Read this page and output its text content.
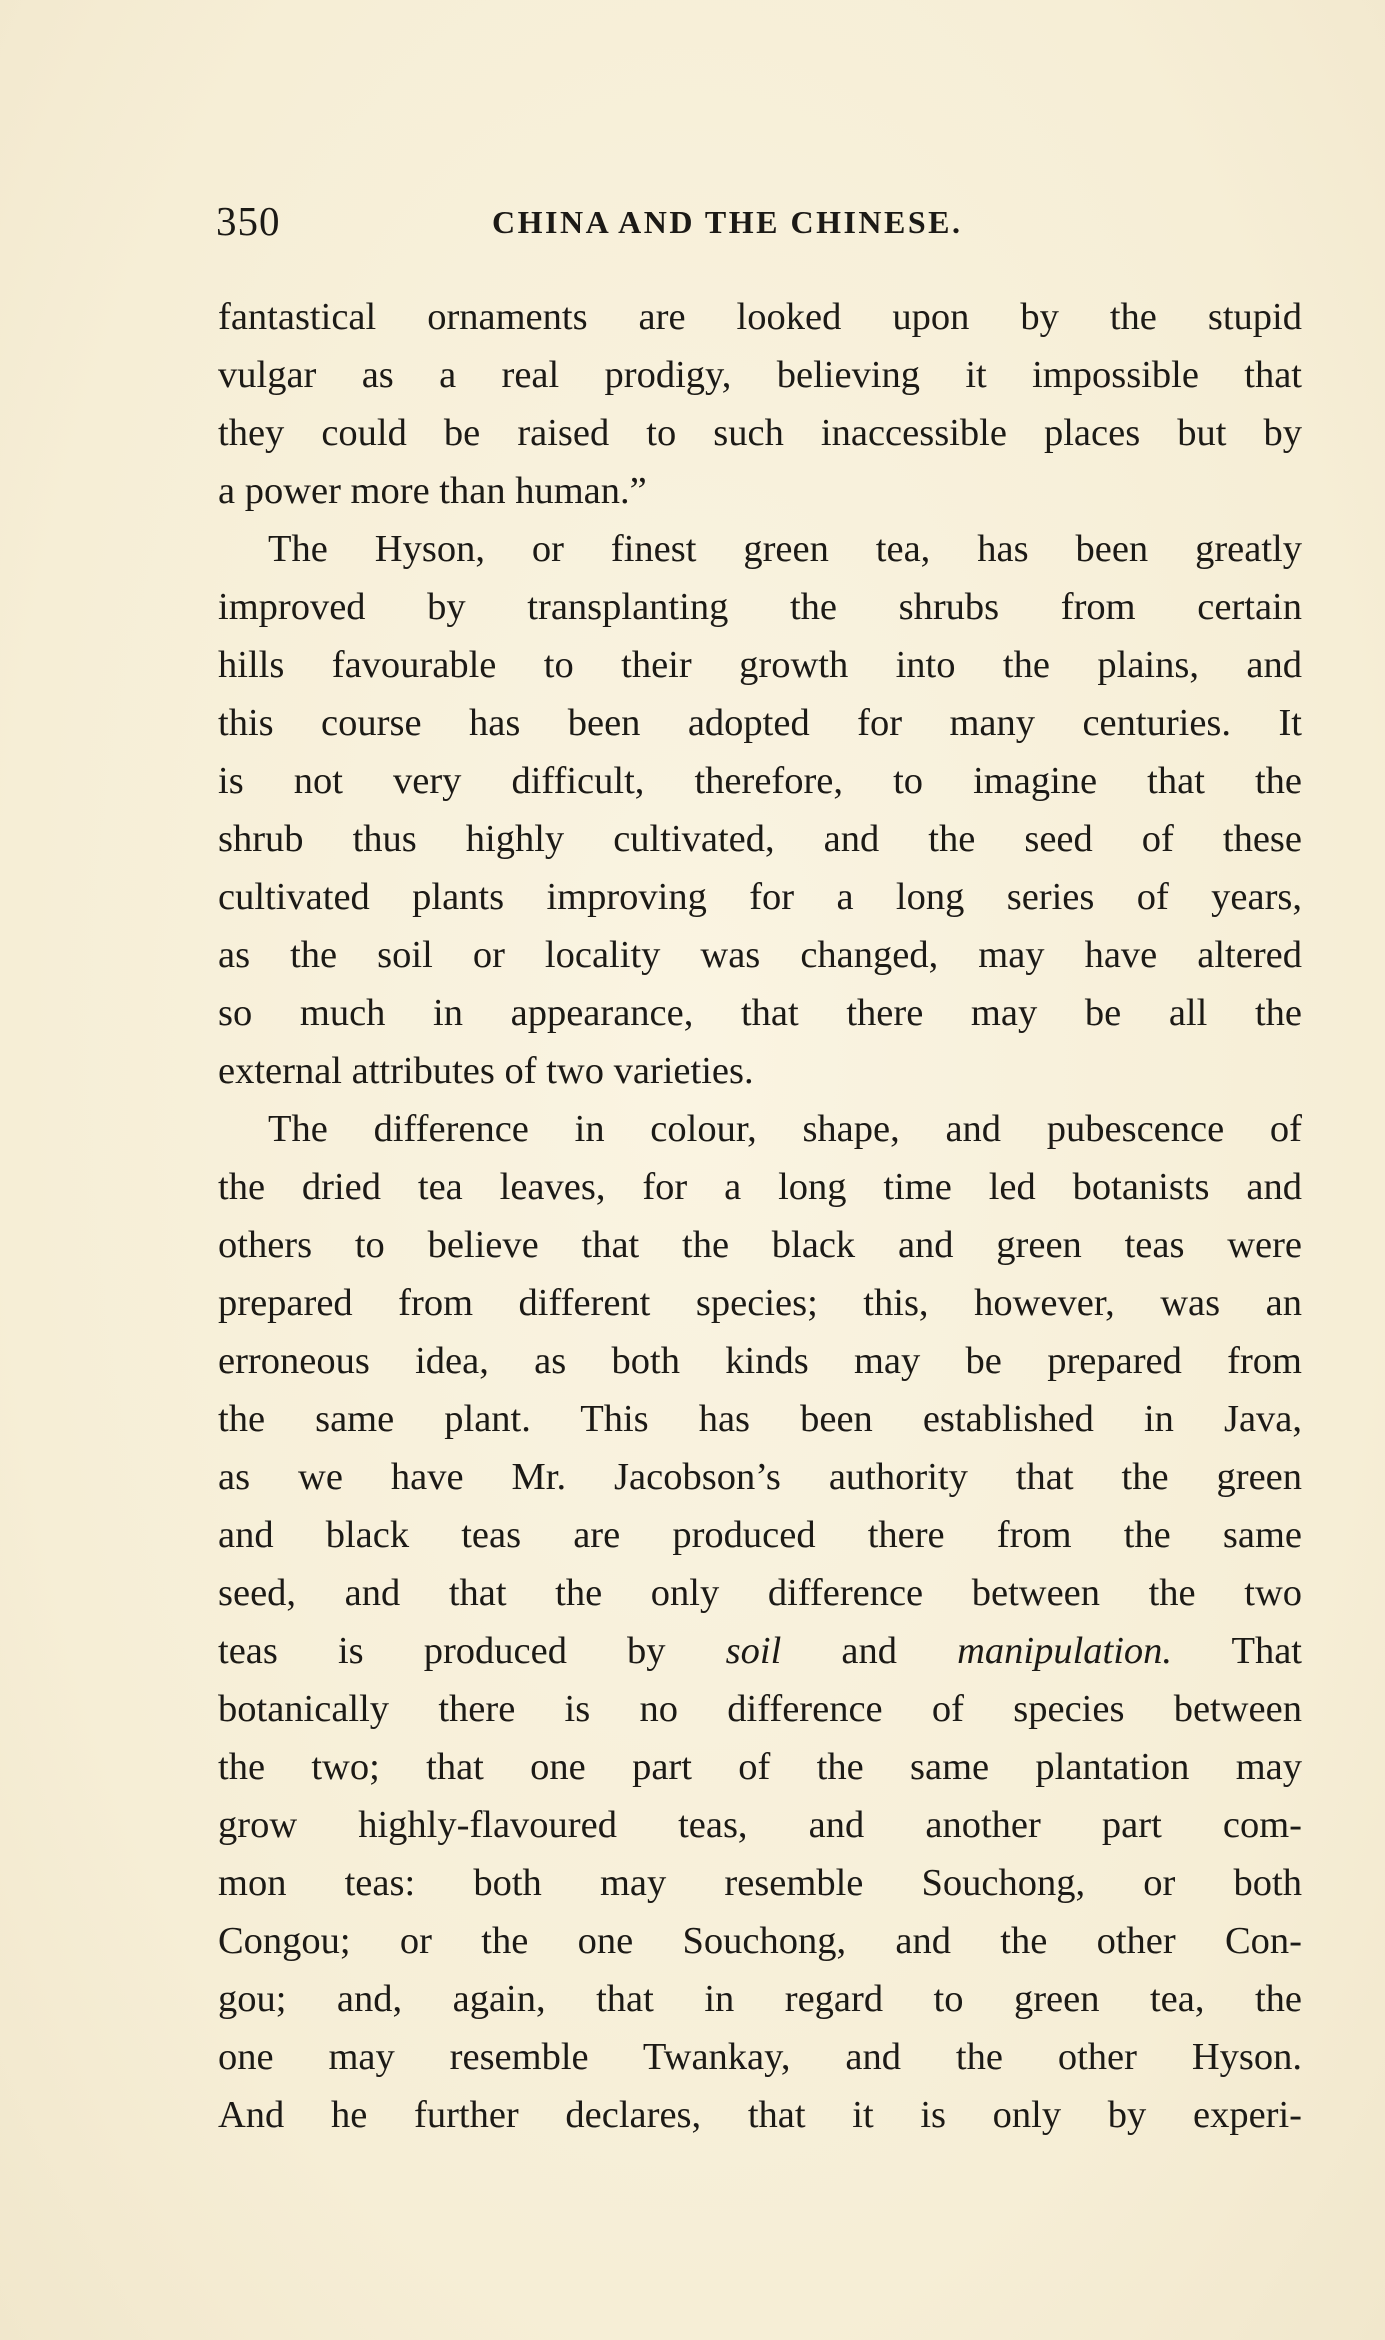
350	CHINA AND THE CHINESE.
fantastical ornaments are looked upon by the stupid
vulgar as a real prodigy, believing it impossible that
they could be raised to such inaccessible places but by
a power more than human.”
The Hyson, or finest green tea, has been greatly
improved by transplanting the shrubs from certain
hills favourable to their growth into the plains, and
this course has been adopted for many centuries. It
is not very difficult, therefore, to imagine that the
shrub thus highly cultivated, and the seed of these
cultivated plants improving for a long series of years,
as the soil or locality was changed, may have altered
so much in appearance, that there may be all the
external attributes of two varieties.
The difference in colour, shape, and pubescence of
the dried tea leaves, for a long time led botanists and
others to believe that the black and green teas were
prepared from different species; this, however, was an
erroneous idea, as both kinds may be prepared from
the same plant. This has been established in Java,
as we have Mr. Jacobson’s authority that the green
and black teas are produced there from the same
seed, and that the only difference between the two
teas is produced by soil and manipulation. That
botanically there is no difference of species between
the two; that one part of the same plantation may
grow highly-flavoured teas, and another part com-
mon teas: both may resemble Souchong, or both
Congou; or the one Souchong, and the other Con-
gou; and, again, that in regard to green tea, the
one may resemble Twankay, and the other Hyson.
And he further declares, that it is only by experi-
